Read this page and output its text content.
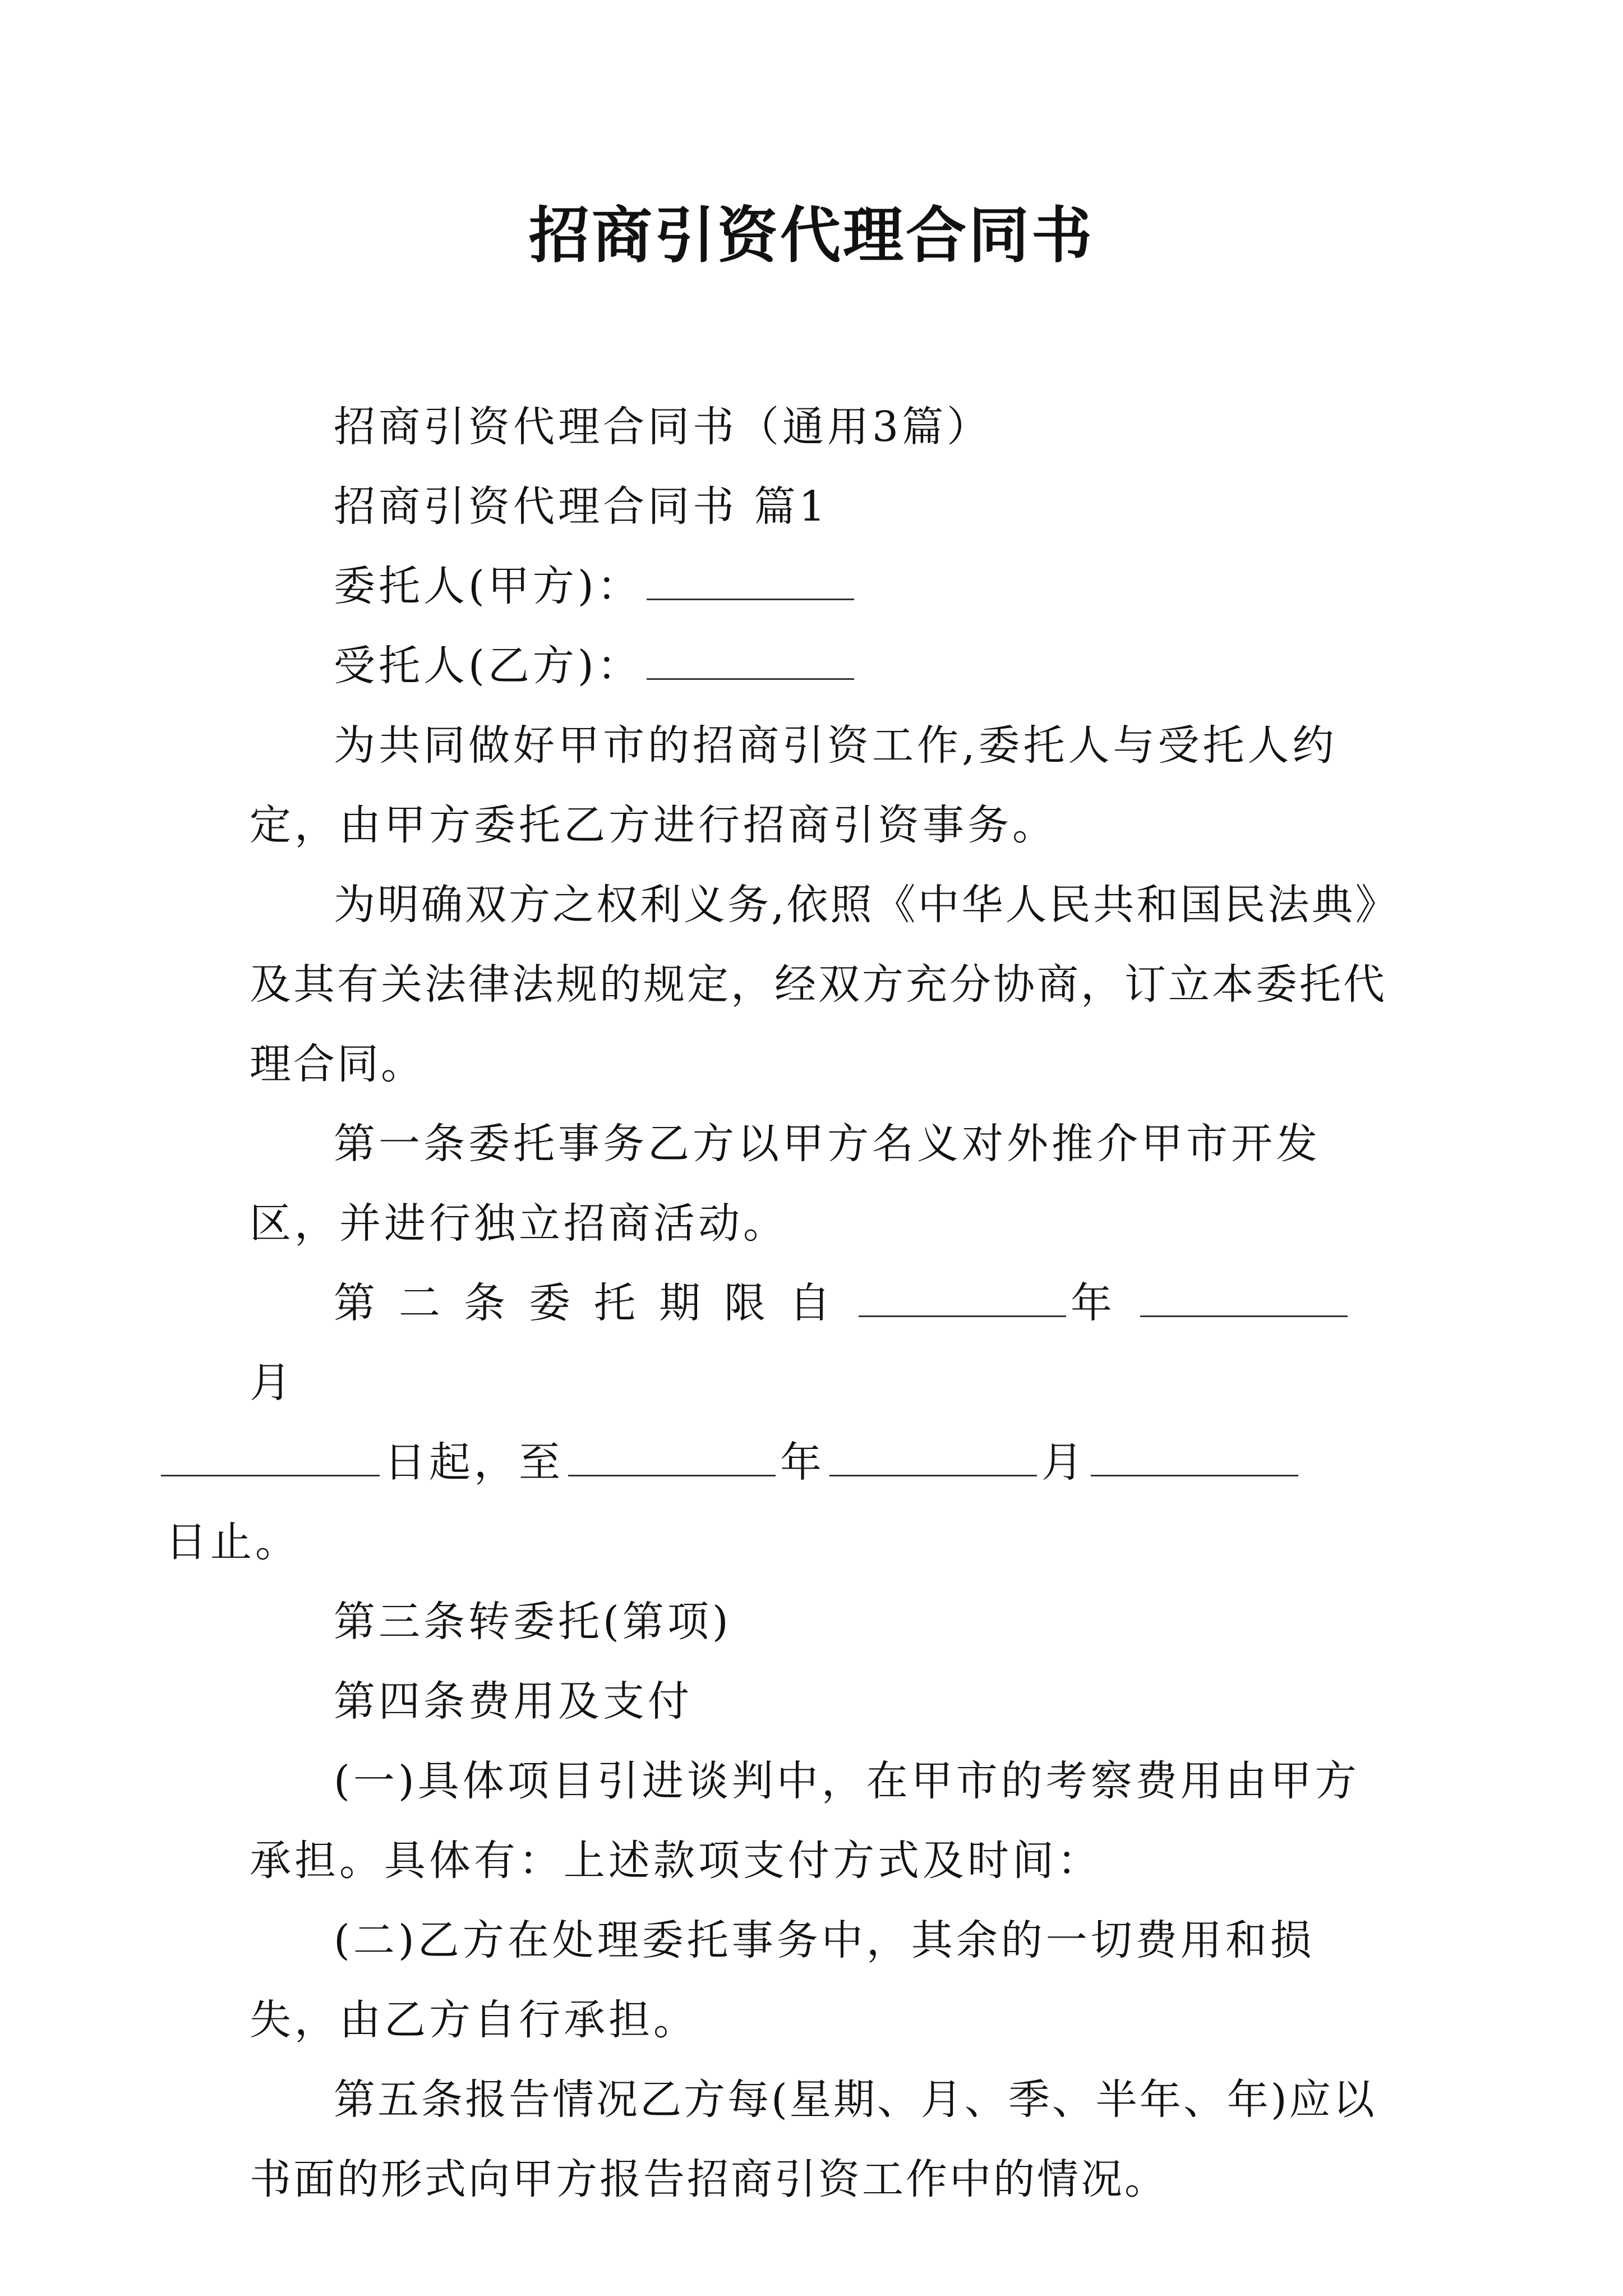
招商引资代理合同书

招商引资代理合同书（通用3篇）

招商引资代理合同书 篇1

委托人(甲方)：

受托人(乙方)：

为共同做好甲市的招商引资工作,委托人与受托人约定，由甲方委托乙方进行招商引资事务。

为明确双方之权利义务,依照《中华人民共和国民法典》及其有关法律法规的规定，经双方充分协商，订立本委托代理合同。

第一条委托事务乙方以甲方名义对外推介甲市开发区，并进行独立招商活动。

第二条委托期限自	年月
日起，至	年	月
日止。

第三条转委托(第项)

第四条费用及支付

(一)具体项目引进谈判中，在甲市的考察费用由甲方承担。具体有：上述款项支付方式及时间：

(二)乙方在处理委托事务中，其余的一切费用和损失，由乙方自行承担。

第五条报告情况乙方每(星期、月、季、半年、年)应以书面的形式向甲方报告招商引资工作中的情况。
